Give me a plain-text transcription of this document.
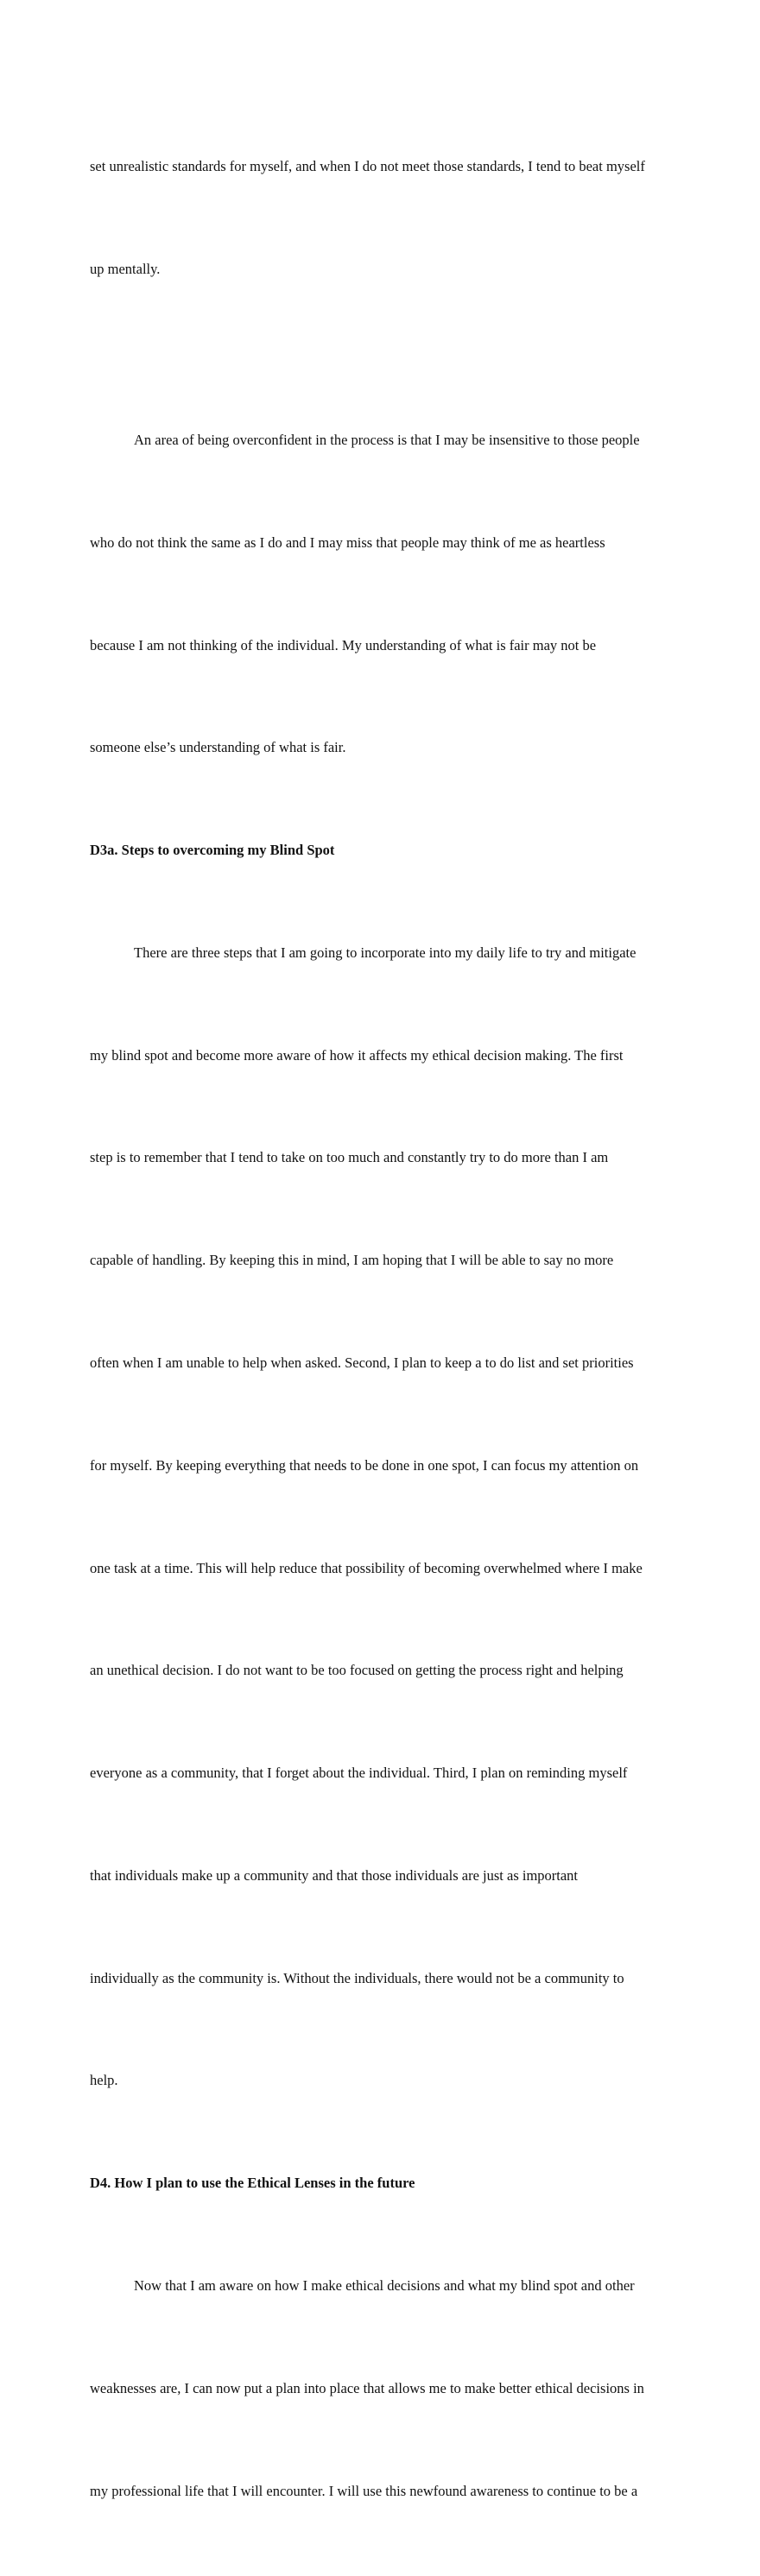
set unrealistic standards for myself, and when I do not meet those standards, I tend to beat myself

up mentally.

An area of being overconfident in the process is that I may be insensitive to those people

who do not think the same as I do and I may miss that people may think of me as heartless

because I am not thinking of the individual. My understanding of what is fair may not be

someone else’s understanding of what is fair.

D3a. Steps to overcoming my Blind Spot

There are three steps that I am going to incorporate into my daily life to try and mitigate

my blind spot and become more aware of how it affects my ethical decision making. The first

step is to remember that I tend to take on too much and constantly try to do more than I am

capable of handling. By keeping this in mind, I am hoping that I will be able to say no more

often when I am unable to help when asked. Second, I plan to keep a to do list and set priorities

for myself. By keeping everything that needs to be done in one spot, I can focus my attention on

one task at a time. This will help reduce that possibility of becoming overwhelmed where I make

an unethical decision. I do not want to be too focused on getting the process right and helping

everyone as a community, that I forget about the individual. Third, I plan on reminding myself

that individuals make up a community and that those individuals are just as important

individually as the community is. Without the individuals, there would not be a community to

help.

D4. How I plan to use the Ethical Lenses in the future

Now that I am aware on how I make ethical decisions and what my blind spot and other

weaknesses are, I can now put a plan into place that allows me to make better ethical decisions in

my professional life that I will encounter. I will use this newfound awareness to continue to be a
